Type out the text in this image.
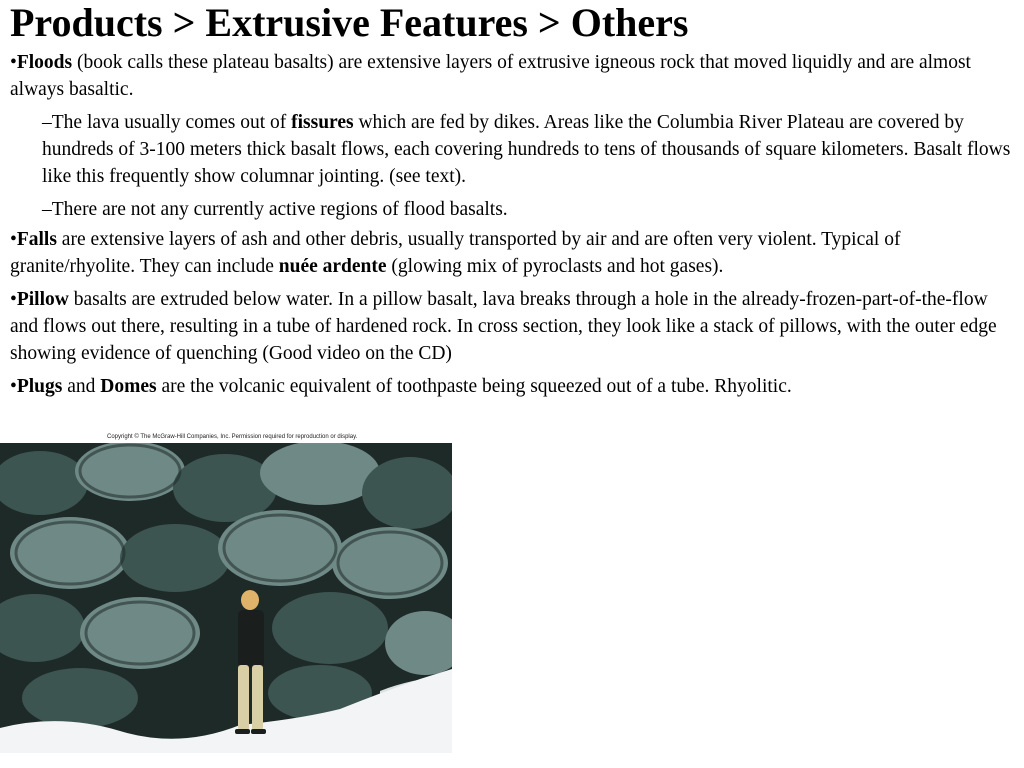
Products > Extrusive Features > Others

•Floods (book calls these plateau basalts) are extensive layers of extrusive igneous rock that moved liquidly and are almost always basaltic.

–The lava usually comes out of fissures which are fed by dikes. Areas like the Columbia River Plateau are covered by hundreds of 3-100 meters thick basalt flows, each covering hundreds to tens of thousands of square kilometers. Basalt flows like this frequently show columnar jointing. (see text).

–There are not any currently active regions of flood basalts.

•Falls are extensive layers of ash and other debris, usually transported by air and are often very violent. Typical of granite/rhyolite. They can include nuée ardente (glowing mix of pyroclasts and hot gases).

•Pillow basalts are extruded below water. In a pillow basalt, lava breaks through a hole in the already-frozen-part-of-the-flow and flows out there, resulting in a tube of hardened rock. In cross section, they look like a stack of pillows, with the outer edge showing evidence of quenching (Good video on the CD)

•Plugs and Domes are the volcanic equivalent of toothpaste being squeezed out of a tube. Rhyolitic.

Copyright © The McGraw-Hill Companies, Inc. Permission required for reproduction or display.
